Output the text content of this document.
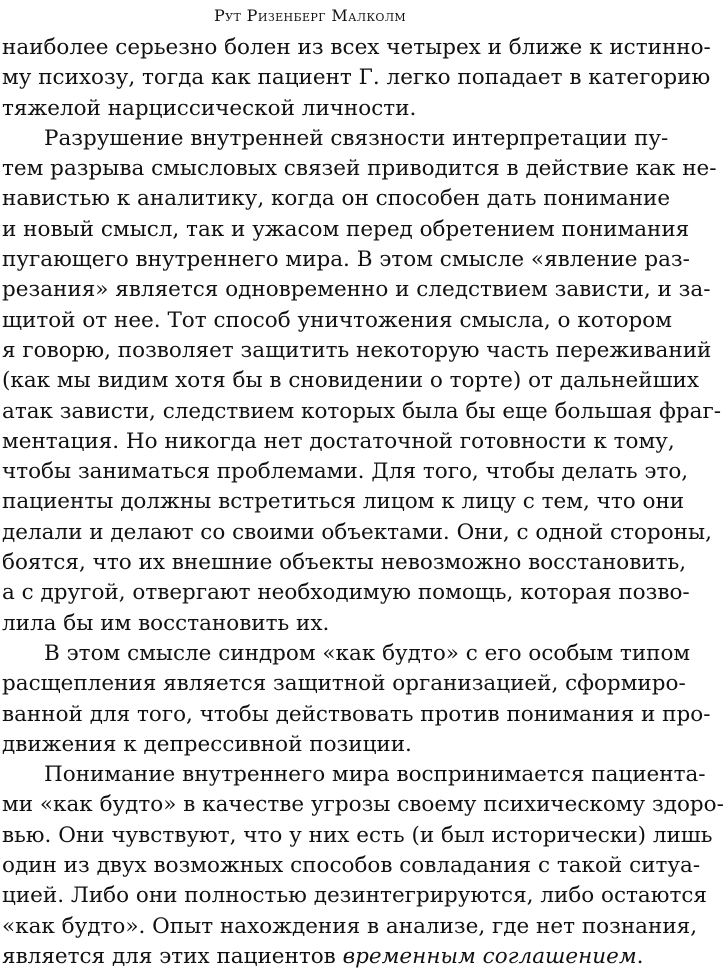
Рут Ризенберг Малколм
наиболее серьезно болен из всех четырех и ближе к истинно-
му психозу, тогда как пациент Г. легко попадает в категорию
тяжелой нарциссической личности.
Разрушение внутренней связности интерпретации пу-
тем разрыва смысловых связей приводится в действие как не-
навистью к аналитику, когда он способен дать понимание
и новый смысл, так и ужасом перед обретением понимания
пугающего внутреннего мира. В этом смысле «явление раз-
резания» является одновременно и следствием зависти, и за-
щитой от нее. Тот способ уничтожения смысла, о котором
я говорю, позволяет защитить некоторую часть переживаний
(как мы видим хотя бы в сновидении о торте) от дальнейших
атак зависти, следствием которых была бы еще большая фраг-
ментация. Но никогда нет достаточной готовности к тому,
чтобы заниматься проблемами. Для того, чтобы делать это,
пациенты должны встретиться лицом к лицу с тем, что они
делали и делают со своими объектами. Они, с одной стороны,
боятся, что их внешние объекты невозможно восстановить,
а с другой, отвергают необходимую помощь, которая позво-
лила бы им восстановить их.
В этом смысле синдром «как будто» с его особым типом
расщепления является защитной организацией, сформиро-
ванной для того, чтобы действовать против понимания и про-
движения к депрессивной позиции.
Понимание внутреннего мира воспринимается пациента-
ми «как будто» в качестве угрозы своему психическому здоро-
вью. Они чувствуют, что у них есть (и был исторически) лишь
один из двух возможных способов совладания с такой ситуа-
цией. Либо они полностью дезинтегрируются, либо остаются
«как будто». Опыт нахождения в анализе, где нет познания,
является для этих пациентов временным соглашением.
